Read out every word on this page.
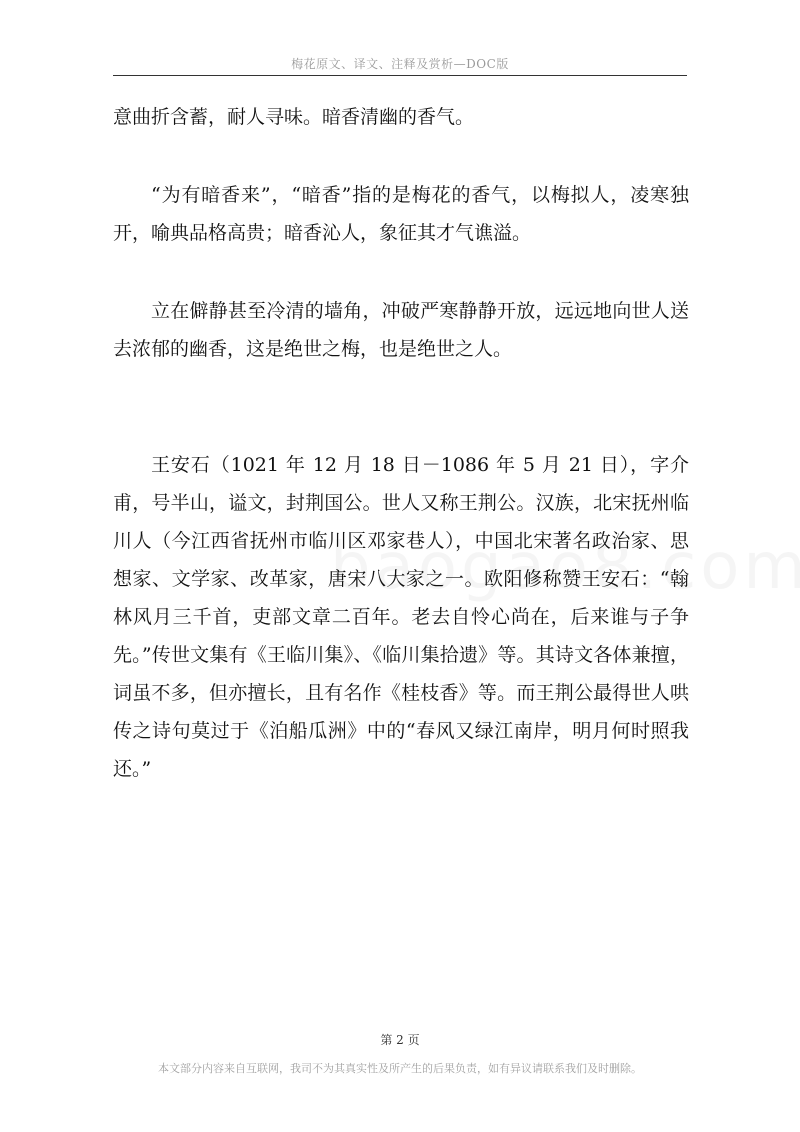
梅花原文、译文、注释及赏析—DOC版

意曲折含蓄，耐人寻味。暗香清幽的香气。

“为有暗香来”，“暗香”指的是梅花的香气，以梅拟人，凌寒独开，喻典品格高贵；暗香沁人，象征其才气谯溢。

立在僻静甚至冷清的墙角，冲破严寒静静开放，远远地向世人送去浓郁的幽香，这是绝世之梅，也是绝世之人。

王安石（1021 年 12 月 18 日－1086 年 5 月 21 日），字介甫，号半山，谥文，封荆国公。世人又称王荆公。汉族，北宋抚州临川人（今江西省抚州市临川区邓家巷人），中国北宋著名政治家、思想家、文学家、改革家，唐宋八大家之一。欧阳修称赞王安石：“翰林风月三千首，吏部文章二百年。老去自怜心尚在，后来谁与子争先。”传世文集有《王临川集》、《临川集拾遗》等。其诗文各体兼擅，词虽不多，但亦擅长，且有名作《桂枝香》等。而王荆公最得世人哄传之诗句莫过于《泊船瓜洲》中的“春风又绿江南岸，明月何时照我还。”

第 2 页
本文部分内容来自互联网，我司不为其真实性及所产生的后果负责，如有异议请联系我们及时删除。
